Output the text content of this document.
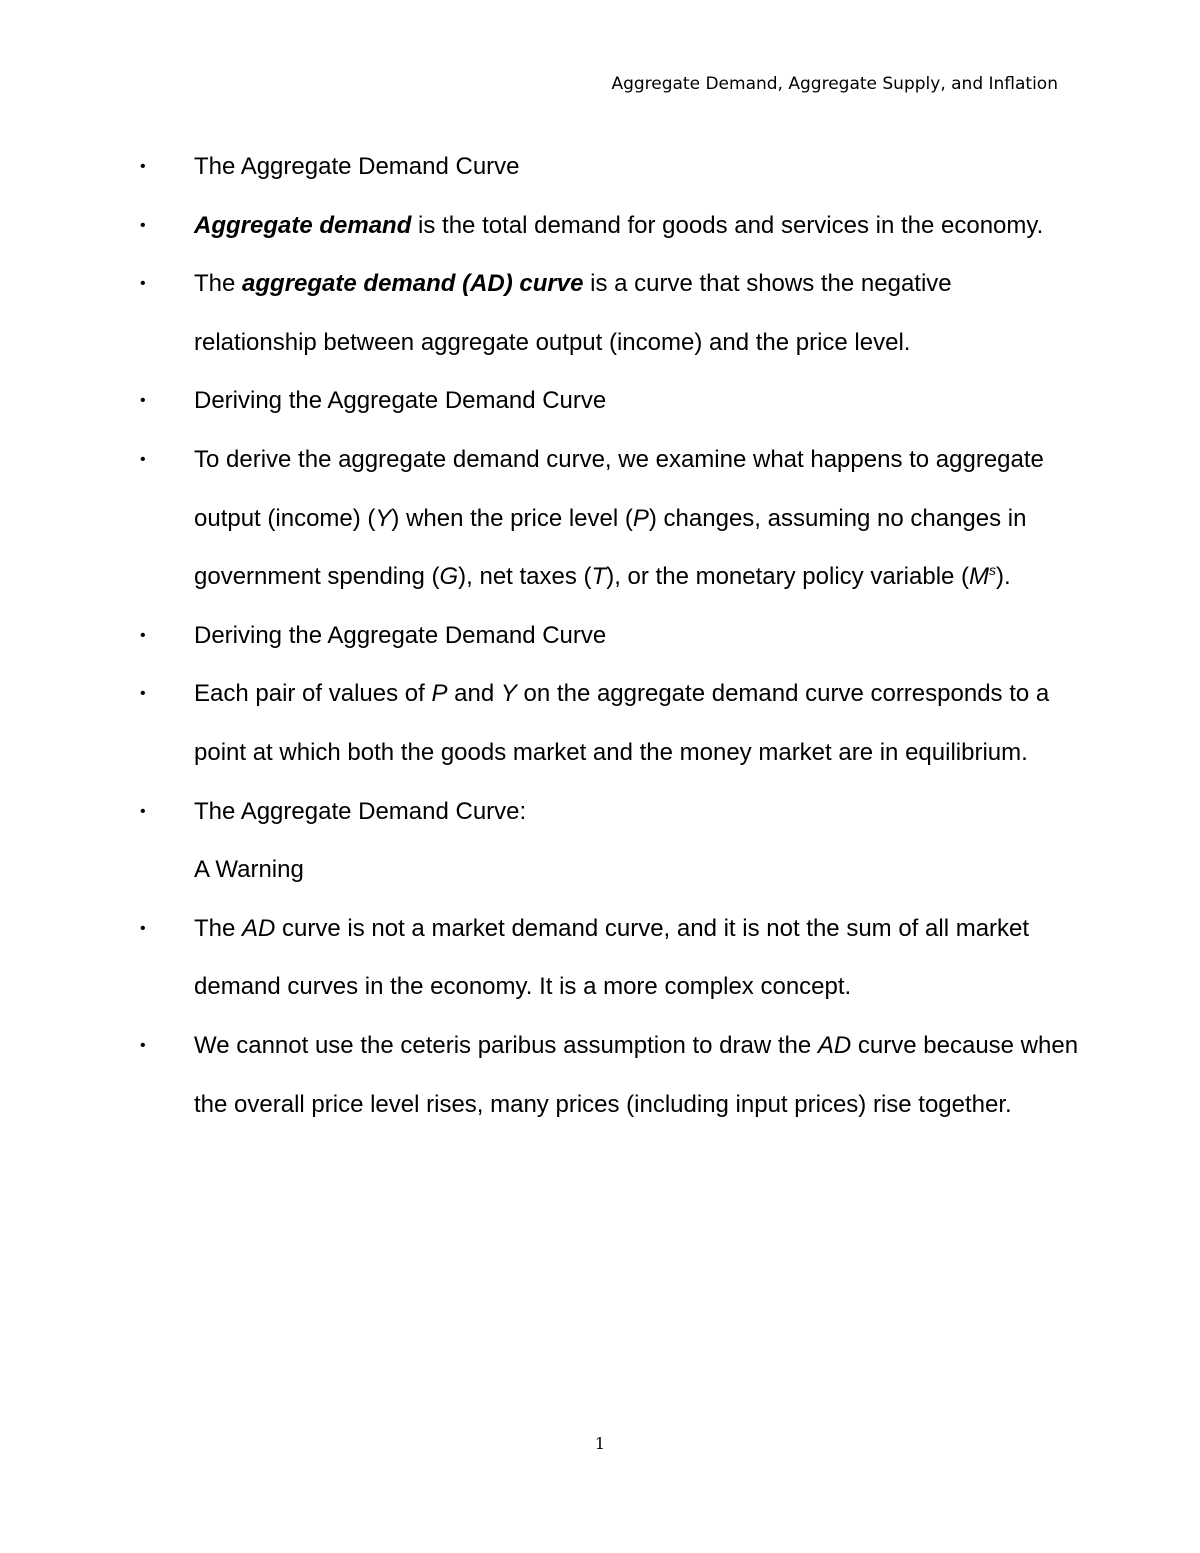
Aggregate Demand, Aggregate Supply, and Inflation

•	The Aggregate Demand Curve

•	Aggregate demand is the total demand for goods and services in the economy.

•	The aggregate demand (AD) curve is a curve that shows the negative relationship between aggregate output (income) and the price level.

•	Deriving the Aggregate Demand Curve

•	To derive the aggregate demand curve, we examine what happens to aggregate output (income) (Y) when the price level (P) changes, assuming no changes in government spending (G), net taxes (T), or the monetary policy variable $(M^s)$.

•	Deriving the Aggregate Demand Curve

•	Each pair of values of P and Y on the aggregate demand curve corresponds to a point at which both the goods market and the money market are in equilibrium.

•	The Aggregate Demand Curve:

A Warning

•	The AD curve is not a market demand curve, and it is not the sum of all market demand curves in the economy. It is a more complex concept.

•	We cannot use the ceteris paribus assumption to draw the AD curve because when the overall price level rises, many prices (including input prices) rise together.

1
